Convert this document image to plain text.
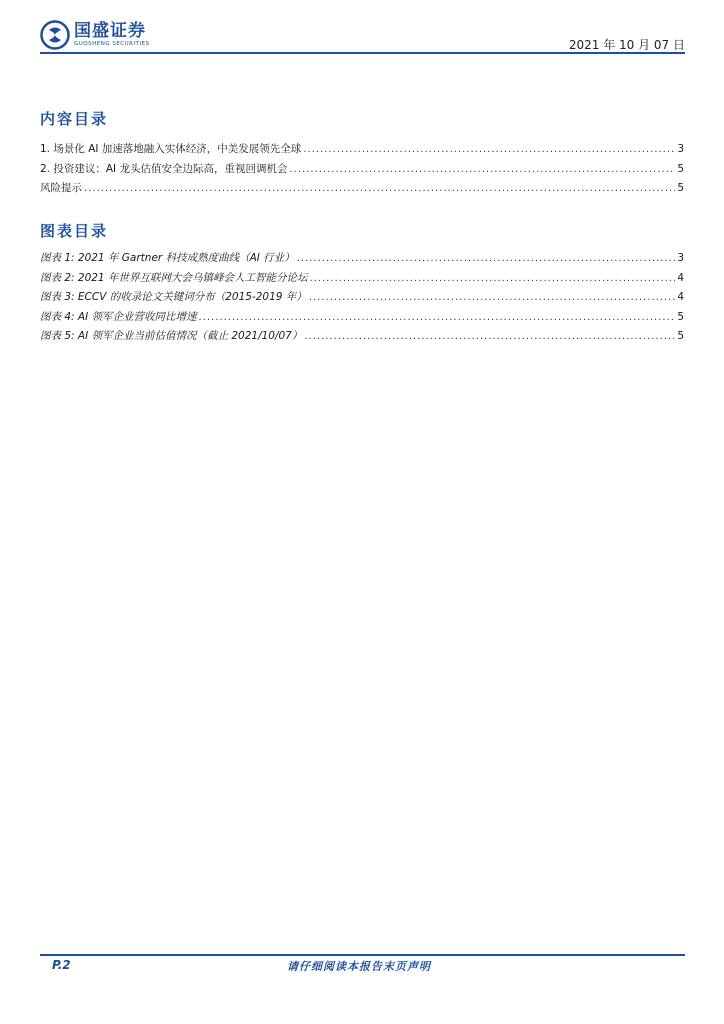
国盛证券
GUOSHENG SECURITIES	2021 年 10 月 07 日
内容目录
1. 场景化 AI 加速落地融入实体经济，中美发展领先全球 .....	3
2. 投资建议：AI 龙头估值安全边际高，重视回调机会 .....	5
风险提示 .....	5
图表目录
图表 1: 2021 年 Gartner 科技成熟度曲线（AI 行业） .....	3
图表 2: 2021 年世界互联网大会乌镇峰会人工智能分论坛 .....	4
图表 3: ECCV 的收录论文关键词分布（2015-2019 年） .....	4
图表 4: AI 领军企业营收同比增速 .....	5
图表 5: AI 领军企业当前估值情况（截止 2021/10/07） .....	5
P.2	请仔细阅读本报告末页声明
